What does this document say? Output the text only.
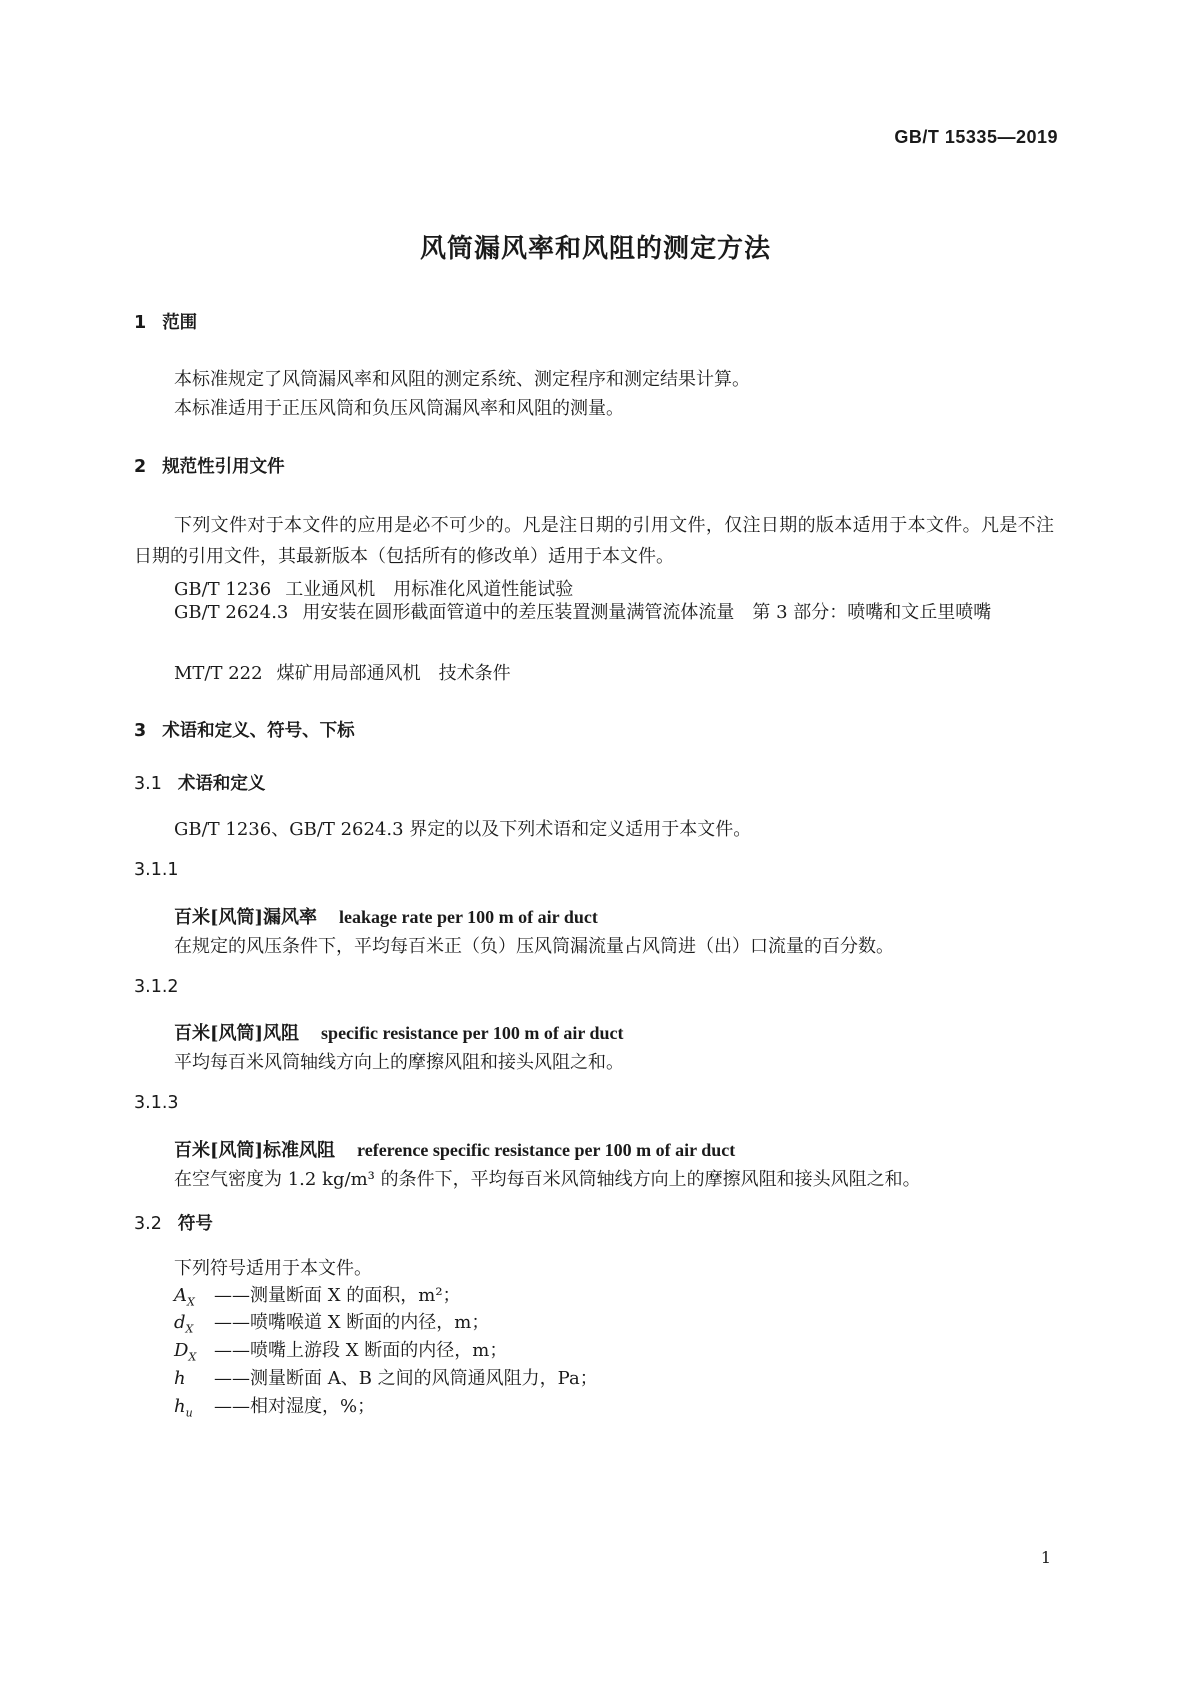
GB/T 15335—2019
风筒漏风率和风阻的测定方法
1 范围
本标准规定了风筒漏风率和风阻的测定系统、测定程序和测定结果计算。
本标准适用于正压风筒和负压风筒漏风率和风阻的测量。
2 规范性引用文件
下列文件对于本文件的应用是必不可少的。凡是注日期的引用文件，仅注日期的版本适用于本文件。凡是不注日期的引用文件，其最新版本（包括所有的修改单）适用于本文件。
GB/T 1236 工业通风机　用标准化风道性能试验
GB/T 2624.3 用安装在圆形截面管道中的差压装置测量满管流体流量　第 3 部分：喷嘴和文丘里喷嘴
MT/T 222 煤矿用局部通风机　技术条件
3 术语和定义、符号、下标
3.1 术语和定义
GB/T 1236、GB/T 2624.3 界定的以及下列术语和定义适用于本文件。
3.1.1
百米[风筒]漏风率 leakage rate per 100 m of air duct
在规定的风压条件下，平均每百米正（负）压风筒漏流量占风筒进（出）口流量的百分数。
3.1.2
百米[风筒]风阻 specific resistance per 100 m of air duct
平均每百米风筒轴线方向上的摩擦风阻和接头风阻之和。
3.1.3
百米[风筒]标准风阻 reference specific resistance per 100 m of air duct
在空气密度为 1.2 kg/m³ 的条件下，平均每百米风筒轴线方向上的摩擦风阻和接头风阻之和。
3.2 符号
下列符号适用于本文件。
$A_X$ ——测量断面 X 的面积，m²；
$d_X$ ——喷嘴喉道 X 断面的内径，m；
$D_X$ ——喷嘴上游段 X 断面的内径，m；
h ——测量断面 A、B 之间的风筒通风阻力，Pa；
$h_u$ ——相对湿度，%；
1
